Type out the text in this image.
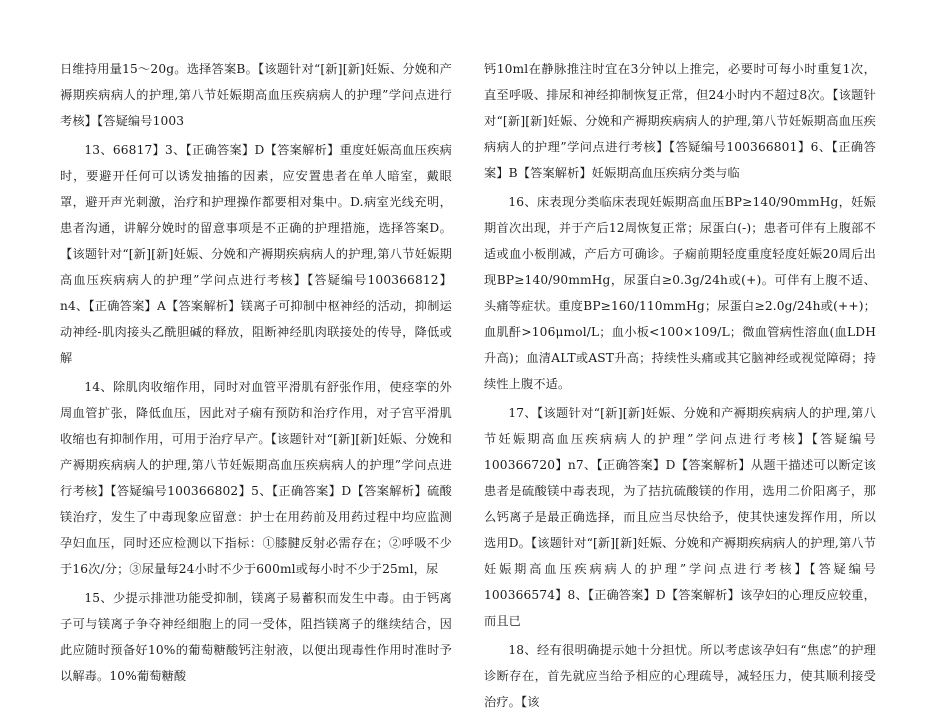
日维持用量15～20g。选择答案B。【该题针对“[新][新]妊娠、分娩和产褥期疾病病人的护理,第八节妊娠期高血压疾病病人的护理”学问点进行考核】【答疑编号1003

13、66817】3、【正确答案】D【答案解析】重度妊娠高血压疾病时，要避开任何可以诱发抽搐的因素，应安置患者在单人暗室，戴眼罩，避开声光刺激，治疗和护理操作都要相对集中。D.病室光线充明，患者沟通，讲解分娩时的留意事项是不正确的护理措施，选择答案D。【该题针对“[新][新]妊娠、分娩和产褥期疾病病人的护理,第八节妊娠期高血压疾病病人的护理”学问点进行考核】【答疑编号100366812】n4、【正确答案】A【答案解析】镁离子可抑制中枢神经的活动，抑制运动神经-肌肉接头乙酰胆碱的释放，阻断神经肌肉联接处的传导，降低或解

14、除肌肉收缩作用，同时对血管平滑肌有舒张作用，使痉挛的外周血管扩张，降低血压，因此对子痫有预防和治疗作用，对子宫平滑肌收缩也有抑制作用，可用于治疗早产。【该题针对“[新][新]妊娠、分娩和产褥期疾病病人的护理,第八节妊娠期高血压疾病病人的护理”学问点进行考核】【答疑编号100366802】5、【正确答案】D【答案解析】硫酸镁治疗，发生了中毒现象应留意：护士在用药前及用药过程中均应监测孕妇血压，同时还应检测以下指标：①膝腱反射必需存在；②呼吸不少于16次/分；③尿量每24小时不少于600ml或每小时不少于25ml，尿

15、少提示排泄功能受抑制，镁离子易蓄积而发生中毒。由于钙离子可与镁离子争夺神经细胞上的同一受体，阻挡镁离子的继续结合，因此应随时预备好10%的葡萄糖酸钙注射液，以便出现毒性作用时准时予以解毒。10%葡萄糖酸

钙10ml在静脉推注时宜在3分钟以上推完，必要时可每小时重复1次，直至呼吸、排尿和神经抑制恢复正常，但24小时内不超过8次。【该题针对“[新][新]妊娠、分娩和产褥期疾病病人的护理,第八节妊娠期高血压疾病病人的护理”学问点进行考核】【答疑编号100366801】6、【正确答案】B【答案解析】妊娠期高血压疾病分类与临

16、床表现分类临床表现妊娠期高血压BP≥140/90mmHg，妊娠期首次出现，并于产后12周恢复正常；尿蛋白(-)；患者可伴有上腹部不适或血小板削减，产后方可确诊。子痫前期轻度重度轻度妊娠20周后出现BP≥140/90mmHg，尿蛋白≥0.3g/24h或(+)。可伴有上腹不适、头痛等症状。重度BP≥160/110mmHg；尿蛋白≥2.0g/24h或(++)；血肌酐>106μmol/L；血小板<100×109/L；微血管病性溶血(血LDH升高)；血清ALT或AST升高；持续性头痛或其它脑神经或视觉障碍；持续性上腹不适。

17、【该题针对“[新][新]妊娠、分娩和产褥期疾病病人的护理,第八节妊娠期高血压疾病病人的护理”学问点进行考核】【答疑编号100366720】n7、【正确答案】D【答案解析】从题干描述可以断定该患者是硫酸镁中毒表现，为了拮抗硫酸镁的作用，选用二价阳离子，那么钙离子是最正确选择，而且应当尽快给予，使其快速发挥作用，所以选用D。【该题针对“[新][新]妊娠、分娩和产褥期疾病病人的护理,第八节妊娠期高血压疾病病人的护理”学问点进行考核】【答疑编号100366574】8、【正确答案】D【答案解析】该孕妇的心理反应较重，而且已

18、经有很明确提示她十分担忧。所以考虑该孕妇有“焦虑”的护理诊断存在，首先就应当给予相应的心理疏导，减轻压力，使其顺利接受治疗。【该
